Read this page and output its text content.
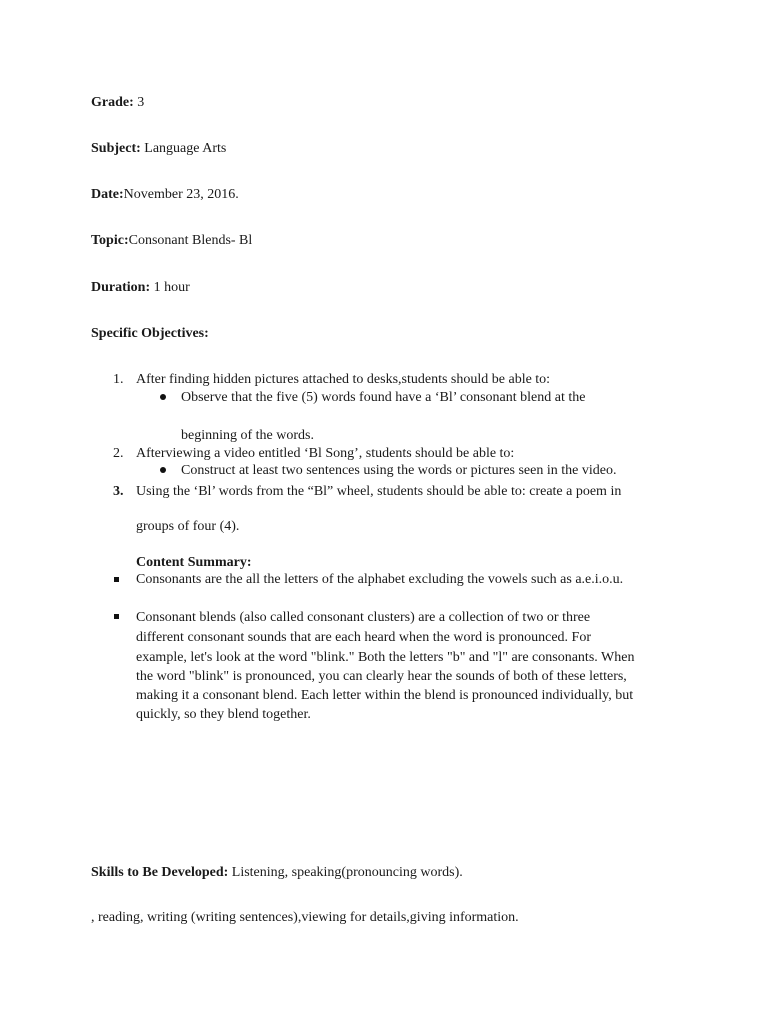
Grade: 3
Subject: Language Arts
Date:November 23, 2016.
Topic:Consonant Blends- Bl
Duration: 1 hour
Specific Objectives:
1. After finding hidden pictures attached to desks,students should be able to:
Observe that the five (5) words found have a ‘Bl’ consonant blend at the
beginning of the words.
2. Afterviewing a video entitled ‘Bl Song’, students should be able to:
Construct at least two sentences using the words or pictures seen in the video.
3. Using the ‘Bl’ words from the “Bl” wheel, students should be able to: create a poem in
groups of four (4).
Content Summary:
Consonants are the all the letters of the alphabet excluding the vowels such as a.e.i.o.u.
Consonant blends (also called consonant clusters) are a collection of two or three
different consonant sounds that are each heard when the word is pronounced. For
example, let's look at the word "blink." Both the letters "b" and "l" are consonants. When
the word "blink" is pronounced, you can clearly hear the sounds of both of these letters,
making it a consonant blend. Each letter within the blend is pronounced individually, but
quickly, so they blend together.
Skills to Be Developed: Listening, speaking(pronouncing words).
, reading, writing (writing sentences),viewing for details,giving information.
